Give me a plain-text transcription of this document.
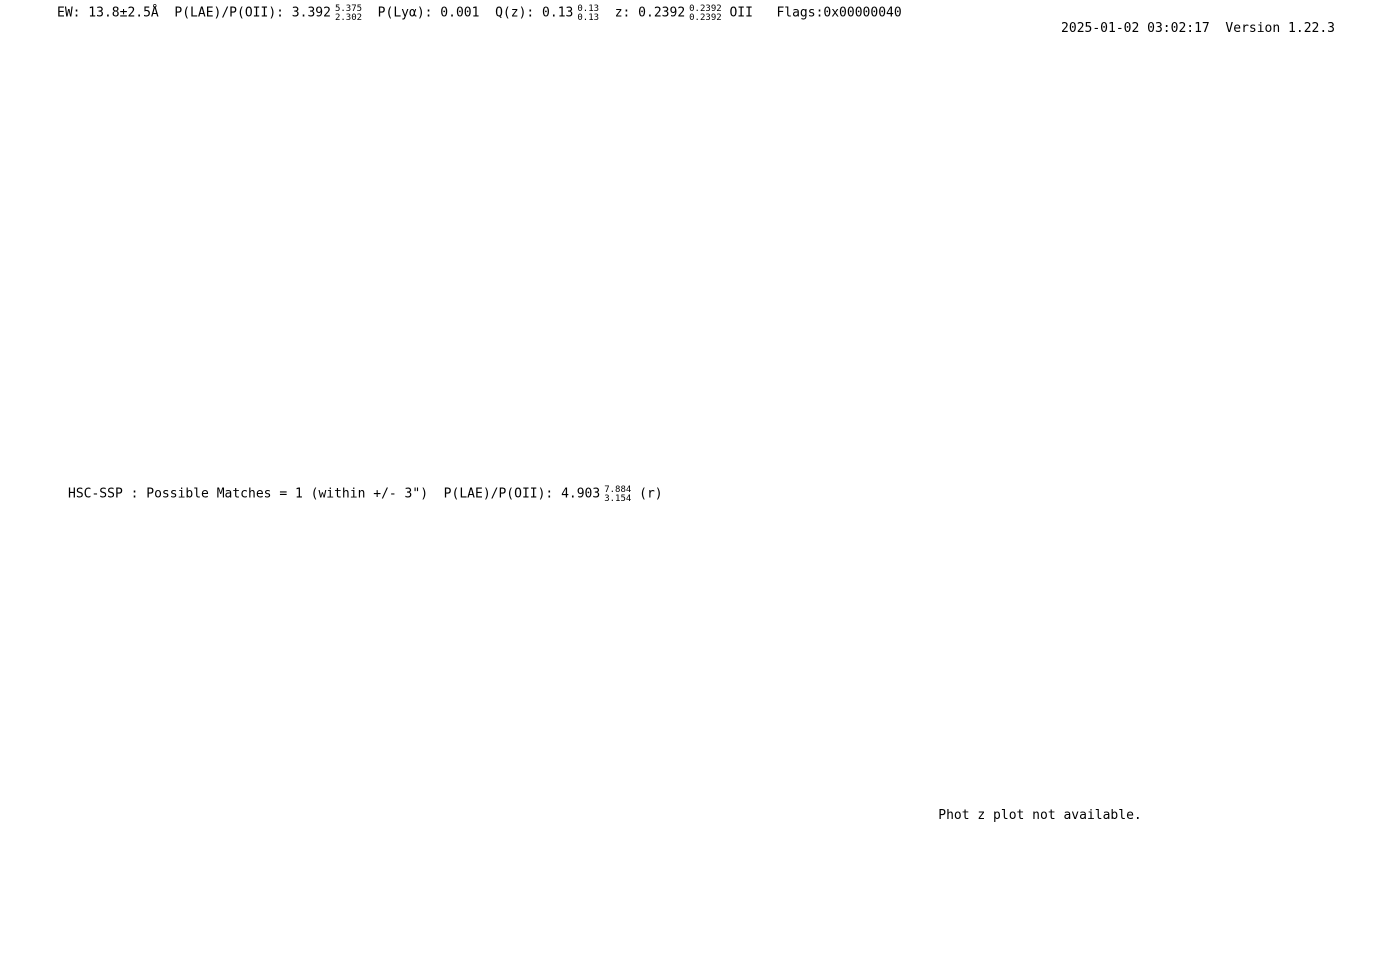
EW: 13.8±2.5Å  P(LAE)/P(OII): 3.392 5.375
2.302 P(Lyα): 0.001  Q(z): 0.13 0.13
0.13 z: 0.2392 0.2392
0.2392 OII   Flags:0x00000040

2025-01-02 03:02:17 Version 1.22.3

HSC-SSP : Possible Matches = 1 (within +/- 3")  P(LAE)/P(OII): 4.903 7.884
3.154 (r)
Phot z plot not available.
